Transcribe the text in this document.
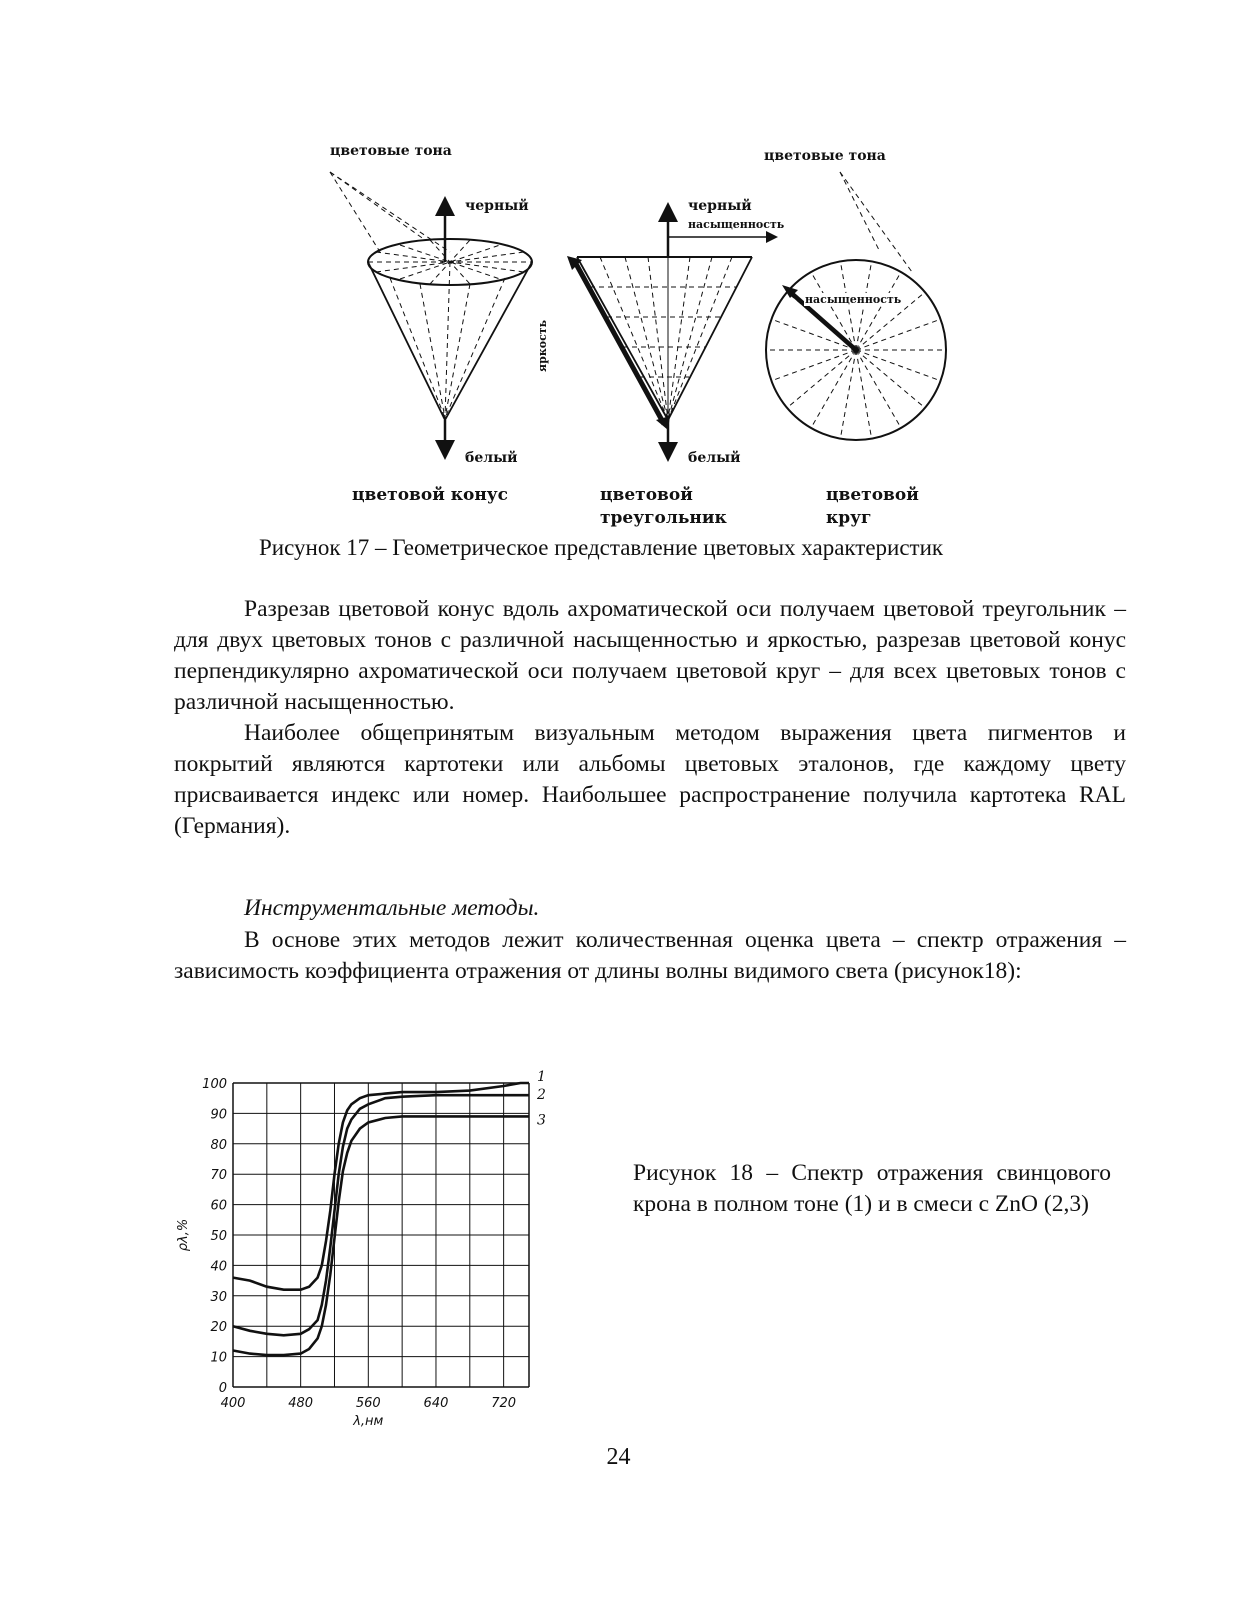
цветовые тона	цветовые тона
черный
белый
черный
насыщенность
яркость
белый
насыщенность
цветовой конус	цветовой
треугольник
цветовой
круг
Рисунок 17 – Геометрическое представление цветовых характеристик

Разрезав цветовой конус вдоль ахроматической оси получаем цветовой треугольник – для двух цветовых тонов с различной насыщенностью и яркостью, разрезав цветовой конус перпендикулярно ахроматической оси получаем цветовой круг – для всех цветовых тонов с различной насыщенностью.

Наиболее общепринятым визуальным методом выражения цвета пигментов и покрытий являются картотеки или альбомы цветовых эталонов, где каждому цвету присваивается индекс или номер. Наибольшее распространение получила картотека RAL (Германия).

Инструментальные методы.

В основе этих методов лежит количественная оценка цвета – спектр отражения – зависимость коэффициента отражения от длины волны видимого света (рисунок18):

1
2
3
0
10
20
30
40
50
60
70
80
90
100
400	480	560	640	720
λ,нм
ρλ,%
Рисунок 18 – Спектр отражения свинцового крона в полном тоне (1) и в смеси с ZnO (2,3)
24
